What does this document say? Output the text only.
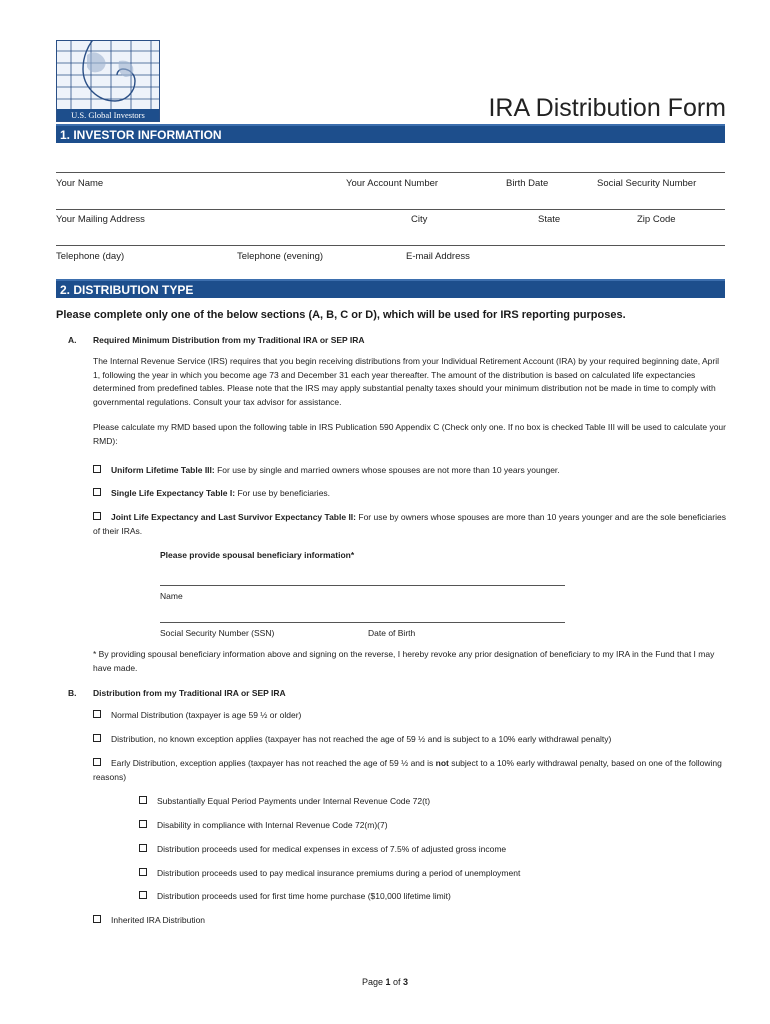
U.S. Global Investors	IRA Distribution Form
1. INVESTOR INFORMATION
Your Name	Your Account Number	Birth Date	Social Security Number
Your Mailing Address	City	State	Zip Code
Telephone (day)	Telephone (evening)	E-mail Address
2. DISTRIBUTION TYPE
Please complete only one of the below sections (A, B, C or D), which will be used for IRS reporting purposes.
A. Required Minimum Distribution from my Traditional IRA or SEP IRA
The Internal Revenue Service (IRS) requires that you begin receiving distributions from your Individual Retirement Account (IRA) by your required beginning date, April 1, following the year in which you become age 73 and December 31 each year thereafter. The amount of the distribution is based on calculated life expectancies determined from predefined tables. Please note that the IRS may apply substantial penalty taxes should your minimum distribution not be made in time to comply with governmental regulations. Consult your tax advisor for assistance.
Please calculate my RMD based upon the following table in IRS Publication 590 Appendix C (Check only one. If no box is checked Table III will be used to calculate your RMD):
Uniform Lifetime Table III: For use by single and married owners whose spouses are not more than 10 years younger.
Single Life Expectancy Table I: For use by beneficiaries.
Joint Life Expectancy and Last Survivor Expectancy Table II: For use by owners whose spouses are more than 10 years younger and are the sole beneficiaries of their IRAs.
Please provide spousal beneficiary information*
Name
Social Security Number (SSN)	Date of Birth
* By providing spousal beneficiary information above and signing on the reverse, I hereby revoke any prior designation of beneficiary to my IRA in the Fund that I may have made.
B. Distribution from my Traditional IRA or SEP IRA
Normal Distribution (taxpayer is age 59 ½ or older)
Distribution, no known exception applies (taxpayer has not reached the age of 59 ½ and is subject to a 10% early withdrawal penalty)
Early Distribution, exception applies (taxpayer has not reached the age of 59 ½ and is not subject to a 10% early withdrawal penalty, based on one of the following reasons)
Substantially Equal Period Payments under Internal Revenue Code 72(t)
Disability in compliance with Internal Revenue Code 72(m)(7)
Distribution proceeds used for medical expenses in excess of 7.5% of adjusted gross income
Distribution proceeds used to pay medical insurance premiums during a period of unemployment
Distribution proceeds used for first time home purchase ($10,000 lifetime limit)
Inherited IRA Distribution
Page 1 of 3
